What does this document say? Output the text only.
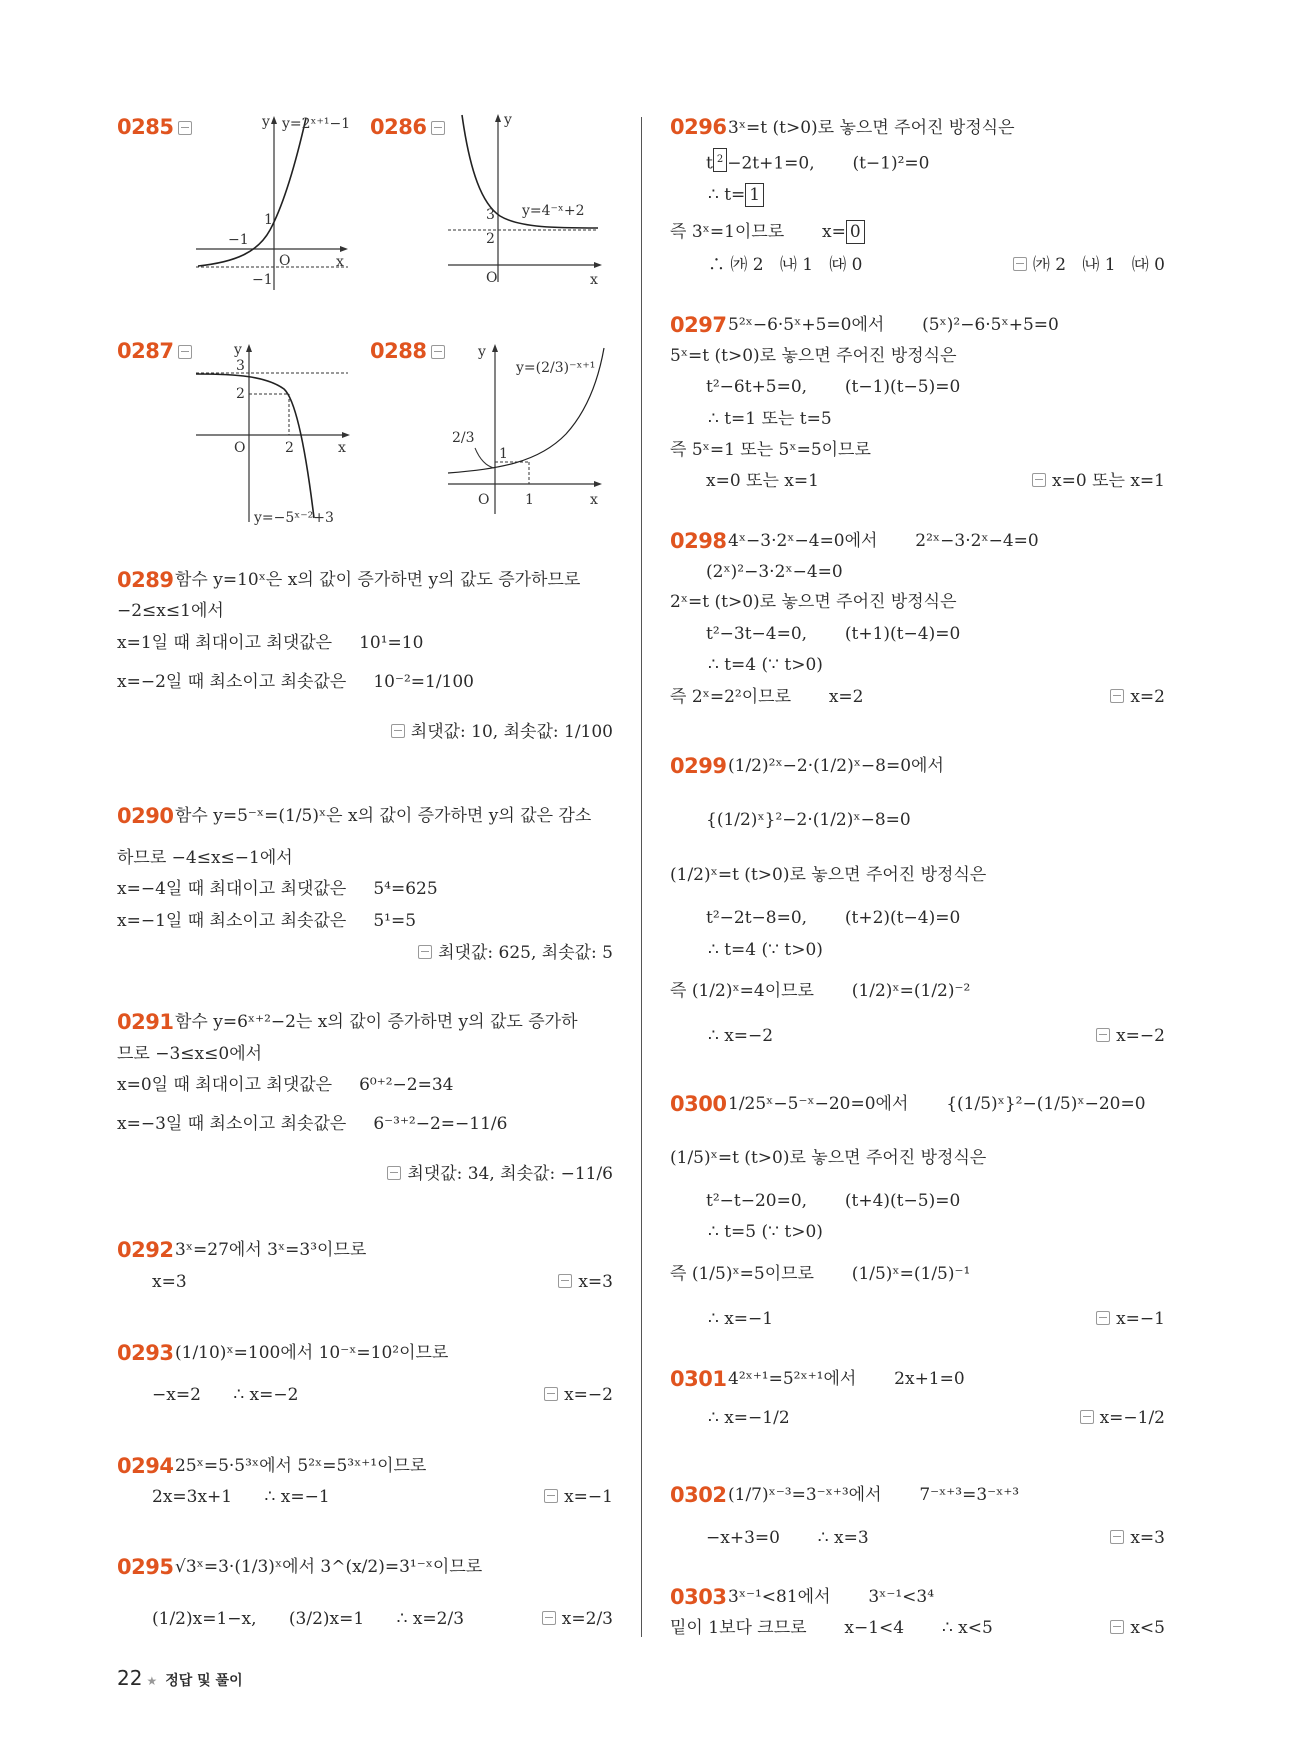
0285	y y=2ˣ⁺¹−1
1
−1
O	x
−1
0286	y
y=4⁻ˣ+2
3
2
O	x
0287	y
3
2
O	2	x
y=−5ˣ⁻²+3
0288	y
y=(2/3)⁻ˣ⁺¹
2/3
1
O	1	x
0289 함수 y=10ˣ은 x의 값이 증가하면 y의 값도 증가하므로
−2≤x≤1에서
x=1일 때 최대이고 최댓값은     10¹=10
x=−2일 때 최소이고 최솟값은     10⁻²=1/100
최댓값: 10, 최솟값: 1/100
0290 함수 y=5⁻ˣ=(1/5)ˣ은 x의 값이 증가하면 y의 값은 감소
하므로 −4≤x≤−1에서
x=−4일 때 최대이고 최댓값은     5⁴=625
x=−1일 때 최소이고 최솟값은     5¹=5
최댓값: 625, 최솟값: 5
0291 함수 y=6ˣ⁺²−2는 x의 값이 증가하면 y의 값도 증가하
므로 −3≤x≤0에서
x=0일 때 최대이고 최댓값은     6⁰⁺²−2=34
x=−3일 때 최소이고 최솟값은     6⁻³⁺²−2=−11/6
최댓값: 34, 최솟값: −11/6
0292 3ˣ=27에서 3ˣ=3³이므로
x=3	x=3
0293 (1/10)ˣ=100에서 10⁻ˣ=10²이므로
−x=2      ∴ x=−2	x=−2
0294 25ˣ=5·5³ˣ에서 5²ˣ=5³ˣ⁺¹이므로
2x=3x+1      ∴ x=−1	x=−1
0295 √3ˣ=3·(1/3)ˣ에서 3^(x/2)=3¹⁻ˣ이므로
(1/2)x=1−x,      (3/2)x=1      ∴ x=2/3	x=2/3
0296 3ˣ=t (t>0)로 놓으면 주어진 방정식은
t $^2$ −2t+1=0,       (t−1)²=0
∴ t= 1
즉 3ˣ=1이므로       x= 0
∴ ㈎ 2   ㈏ 1   ㈐ 0	㈎ 2   ㈏ 1   ㈐ 0
0297 5²ˣ−6·5ˣ+5=0에서       (5ˣ)²−6·5ˣ+5=0
5ˣ=t (t>0)로 놓으면 주어진 방정식은
t²−6t+5=0,       (t−1)(t−5)=0
∴ t=1 또는 t=5
즉 5ˣ=1 또는 5ˣ=5이므로
x=0 또는 x=1	x=0 또는 x=1
0298 4ˣ−3·2ˣ−4=0에서       2²ˣ−3·2ˣ−4=0
(2ˣ)²−3·2ˣ−4=0
2ˣ=t (t>0)로 놓으면 주어진 방정식은
t²−3t−4=0,       (t+1)(t−4)=0
∴ t=4 (∵ t>0)
즉 2ˣ=2²이므로       x=2	x=2
0299 (1/2)²ˣ−2·(1/2)ˣ−8=0에서
{(1/2)ˣ}²−2·(1/2)ˣ−8=0
(1/2)ˣ=t (t>0)로 놓으면 주어진 방정식은
t²−2t−8=0,       (t+2)(t−4)=0
∴ t=4 (∵ t>0)
즉 (1/2)ˣ=4이므로       (1/2)ˣ=(1/2)⁻²
∴ x=−2	x=−2
0300 1/25ˣ−5⁻ˣ−20=0에서       {(1/5)ˣ}²−(1/5)ˣ−20=0
(1/5)ˣ=t (t>0)로 놓으면 주어진 방정식은
t²−t−20=0,       (t+4)(t−5)=0
∴ t=5 (∵ t>0)
즉 (1/5)ˣ=5이므로       (1/5)ˣ=(1/5)⁻¹
∴ x=−1	x=−1
0301 4²ˣ⁺¹=5²ˣ⁺¹에서       2x+1=0
∴ x=−1/2	x=−1/2
0302 (1/7)ˣ⁻³=3⁻ˣ⁺³에서       7⁻ˣ⁺³=3⁻ˣ⁺³
−x+3=0       ∴ x=3	x=3
0303 3ˣ⁻¹<81에서       3ˣ⁻¹<3⁴
밑이 1보다 크므로       x−1<4       ∴ x<5	x<5
22 ★ 정답 및 풀이
